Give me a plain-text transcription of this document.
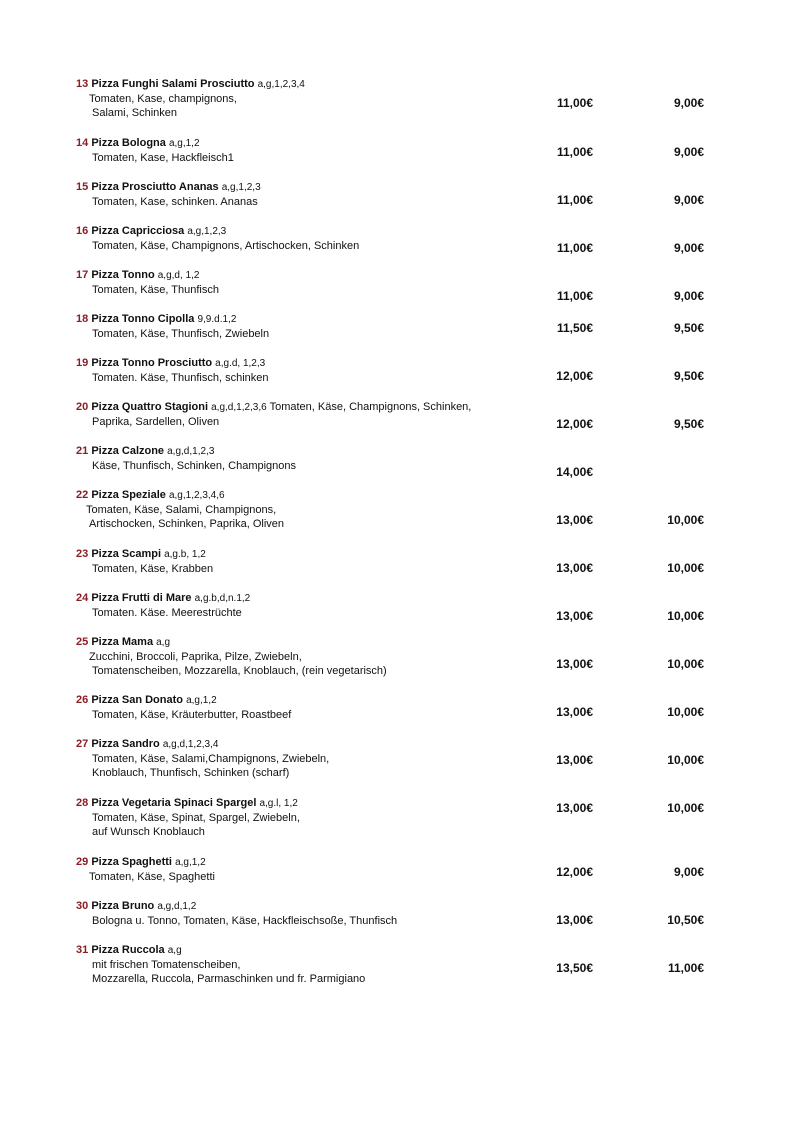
13 Pizza Funghi Salami Prosciutto a,g,1,2,3,4
Tomaten, Kase, champignons,
Salami, Schinken
11,00€	9,00€
14 Pizza Bologna a,g,1,2
Tomaten, Kase, Hackfleisch1	11,00€	9,00€
15 Pizza Prosciutto Ananas a,g,1,2,3
Tomaten, Kase, schinken. Ananas	11,00€	9,00€
16 Pizza Capricciosa a,g,1,2,3
Tomaten, Käse, Champignons, Artischocken, Schinken	11,00€	9,00€
17 Pizza Tonno a,g,d, 1,2
Tomaten, Käse, Thunfisch	11,00€	9,00€
18 Pizza Tonno Cipolla 9,9.d.1,2
Tomaten, Käse, Thunfisch, Zwiebeln	11,50€	9,50€
19 Pizza Tonno Prosciutto a,g.d, 1,2,3
Tomaten. Käse, Thunfisch, schinken	12,00€	9,50€
20 Pizza Quattro Stagioni a,g,d,1,2,3,6 Tomaten, Käse, Champignons, Schinken,
Paprika, Sardellen, Oliven	12,00€	9,50€
21 Pizza Calzone a,g,d,1,2,3
Käse, Thunfisch, Schinken, Champignons	14,00€
22 Pizza Speziale a,g,1,2,3,4,6
Tomaten, Käse, Salami, Champignons,
Artischocken, Schinken, Paprika, Oliven	13,00€	10,00€
23 Pizza Scampi a,g.b, 1,2
Tomaten, Käse, Krabben	13,00€	10,00€
24 Pizza Frutti di Mare a,g.b,d,n.1,2
Tomaten. Käse. Meerestrüchte	13,00€	10,00€
25 Pizza Mama a,g
Zucchini, Broccoli, Paprika, Pilze, Zwiebeln,
Tomatenscheiben, Mozzarella, Knoblauch, (rein vegetarisch)	13,00€	10,00€
26 Pizza San Donato a,g,1,2
Tomaten, Käse, Kräuterbutter, Roastbeef	13,00€	10,00€
27 Pizza Sandro a,g,d,1,2,3,4
Tomaten, Käse, Salami,Champignons, Zwiebeln,
Knoblauch, Thunfisch, Schinken (scharf)
13,00€	10,00€
28 Pizza Vegetaria Spinaci Spargel a,g.l, 1,2
Tomaten, Käse, Spinat, Spargel, Zwiebeln,
auf Wunsch Knoblauch
13,00€	10,00€
29 Pizza Spaghetti a,g,1,2
Tomaten, Käse, Spaghetti	12,00€	9,00€
30 Pizza Bruno a,g,d,1,2
Bologna u. Tonno, Tomaten, Käse, Hackfleischsoße, Thunfisch	13,00€	10,50€
31 Pizza Ruccola a,g
mit frischen Tomatenscheiben,
Mozzarella, Ruccola, Parmaschinken und fr. Parmigiano
13,50€	11,00€
